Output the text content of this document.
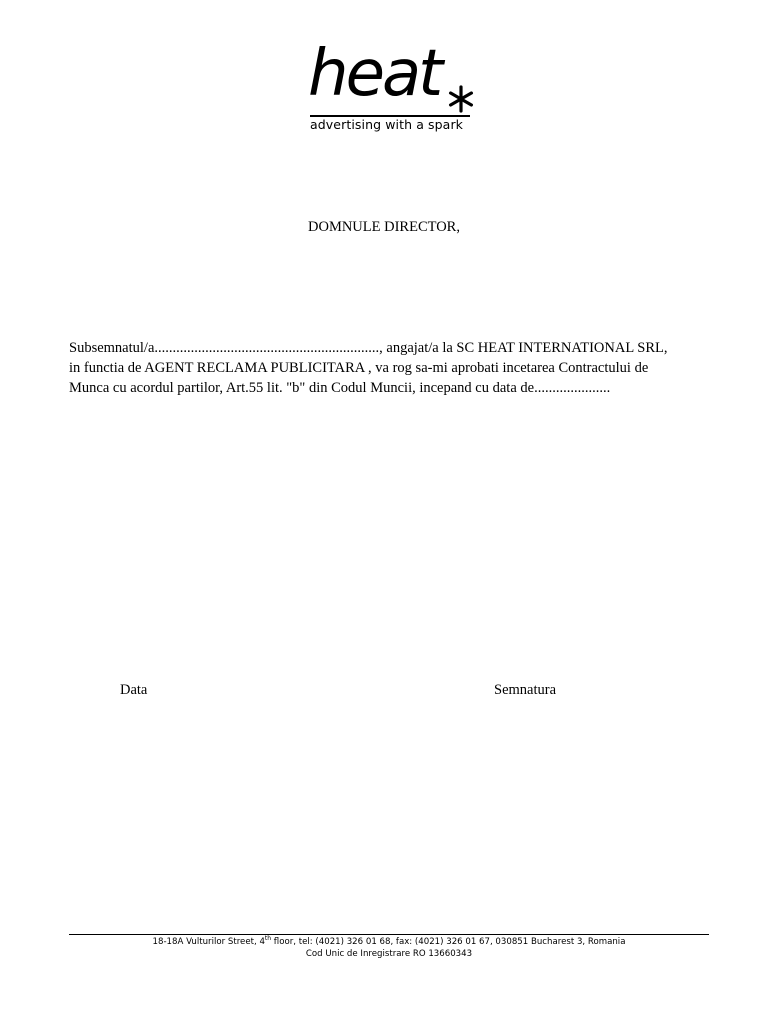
heat
advertising with a spark
DOMNULE DIRECTOR,
Subsemnatul/a.............................................................., angajat/a la SC HEAT INTERNATIONAL SRL,
in functia de AGENT RECLAMA PUBLICITARA , va rog sa-mi aprobati incetarea Contractului de
Munca cu acordul partilor, Art.55 lit. "b" din Codul Muncii, incepand cu data de.....................
Data	Semnatura
18-18A Vulturilor Street, 4th floor, tel: (4021) 326 01 68, fax: (4021) 326 01 67, 030851 Bucharest 3, Romania
Cod Unic de Inregistrare RO 13660343
